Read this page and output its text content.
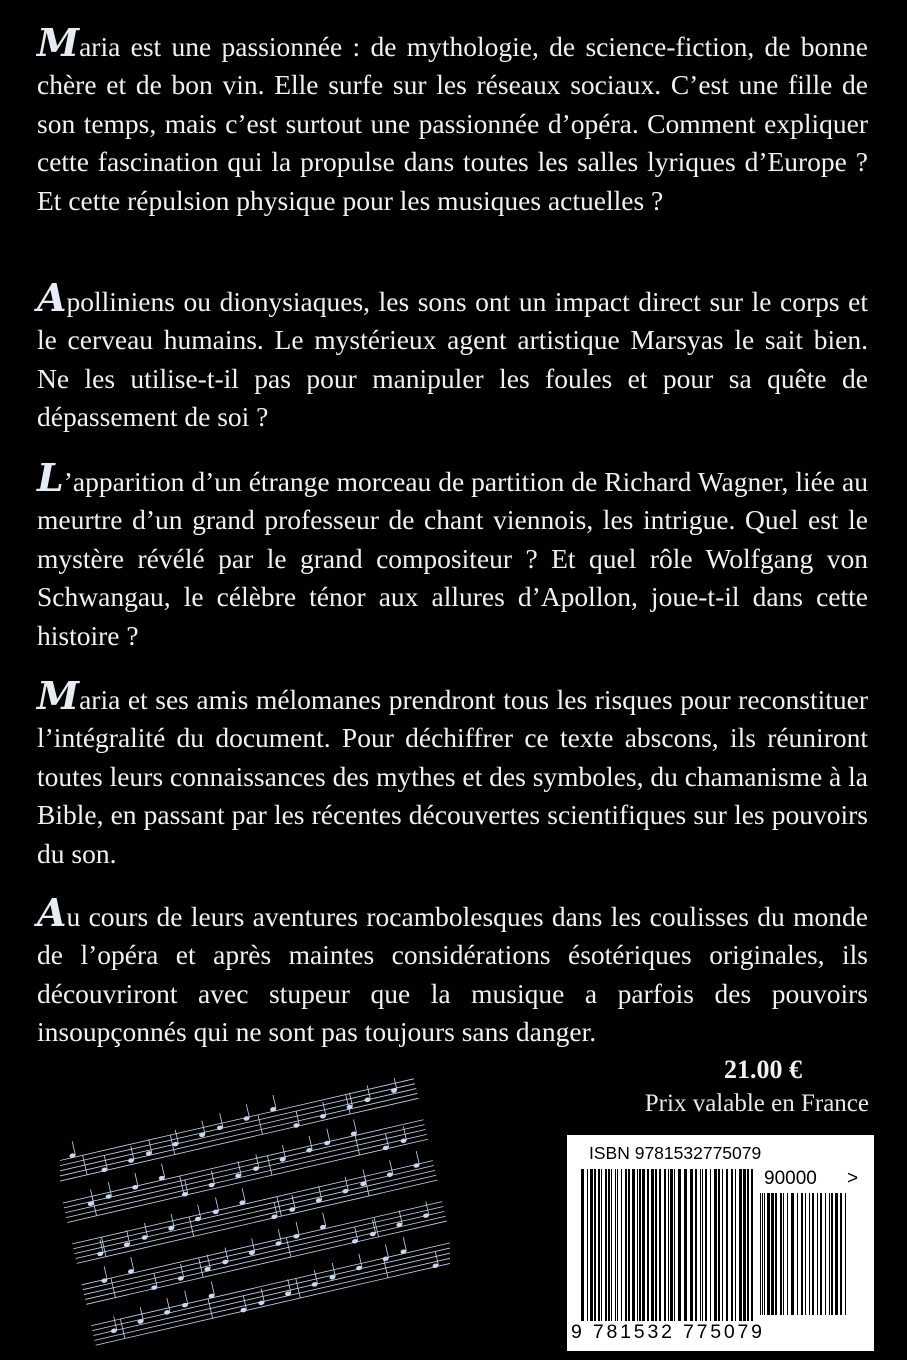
Maria est une passionnée : de mythologie, de science-fiction, de bonne chère et de bon vin. Elle surfe sur les réseaux sociaux. C’est une fille de son temps, mais c’est surtout une passionnée d’opéra. Comment expliquer cette fascination qui la propulse dans toutes les salles lyriques d’Europe ? Et cette répulsion physique pour les musiques actuelles ?

Apolliniens ou dionysiaques, les sons ont un impact direct sur le corps et le cerveau humains. Le mystérieux agent artistique Marsyas le sait bien. Ne les utilise-t-il pas pour manipuler les foules et pour sa quête de dépassement de soi ?

L’apparition d’un étrange morceau de partition de Richard Wagner, liée au meurtre d’un grand professeur de chant viennois, les intrigue. Quel est le mystère révélé par le grand compositeur ? Et quel rôle Wolfgang von Schwangau, le célèbre ténor aux allures d’Apollon, joue-t-il dans cette histoire ?

Maria et ses amis mélomanes prendront tous les risques pour reconstituer l’intégralité du document. Pour déchiffrer ce texte abscons, ils réuniront toutes leurs connaissances des mythes et des symboles, du chamanisme à la Bible, en passant par les récentes découvertes scientifiques sur les pouvoirs du son.

Au cours de leurs aventures rocambolesques dans les coulisses du monde de l’opéra et après maintes considérations ésotériques originales, ils découvriront avec stupeur que la musique a parfois des pouvoirs insoupçonnés qui ne sont pas toujours sans danger.

21.00 €
Prix valable en France
ISBN 9781532775079
90000 >
9 781532 775079
